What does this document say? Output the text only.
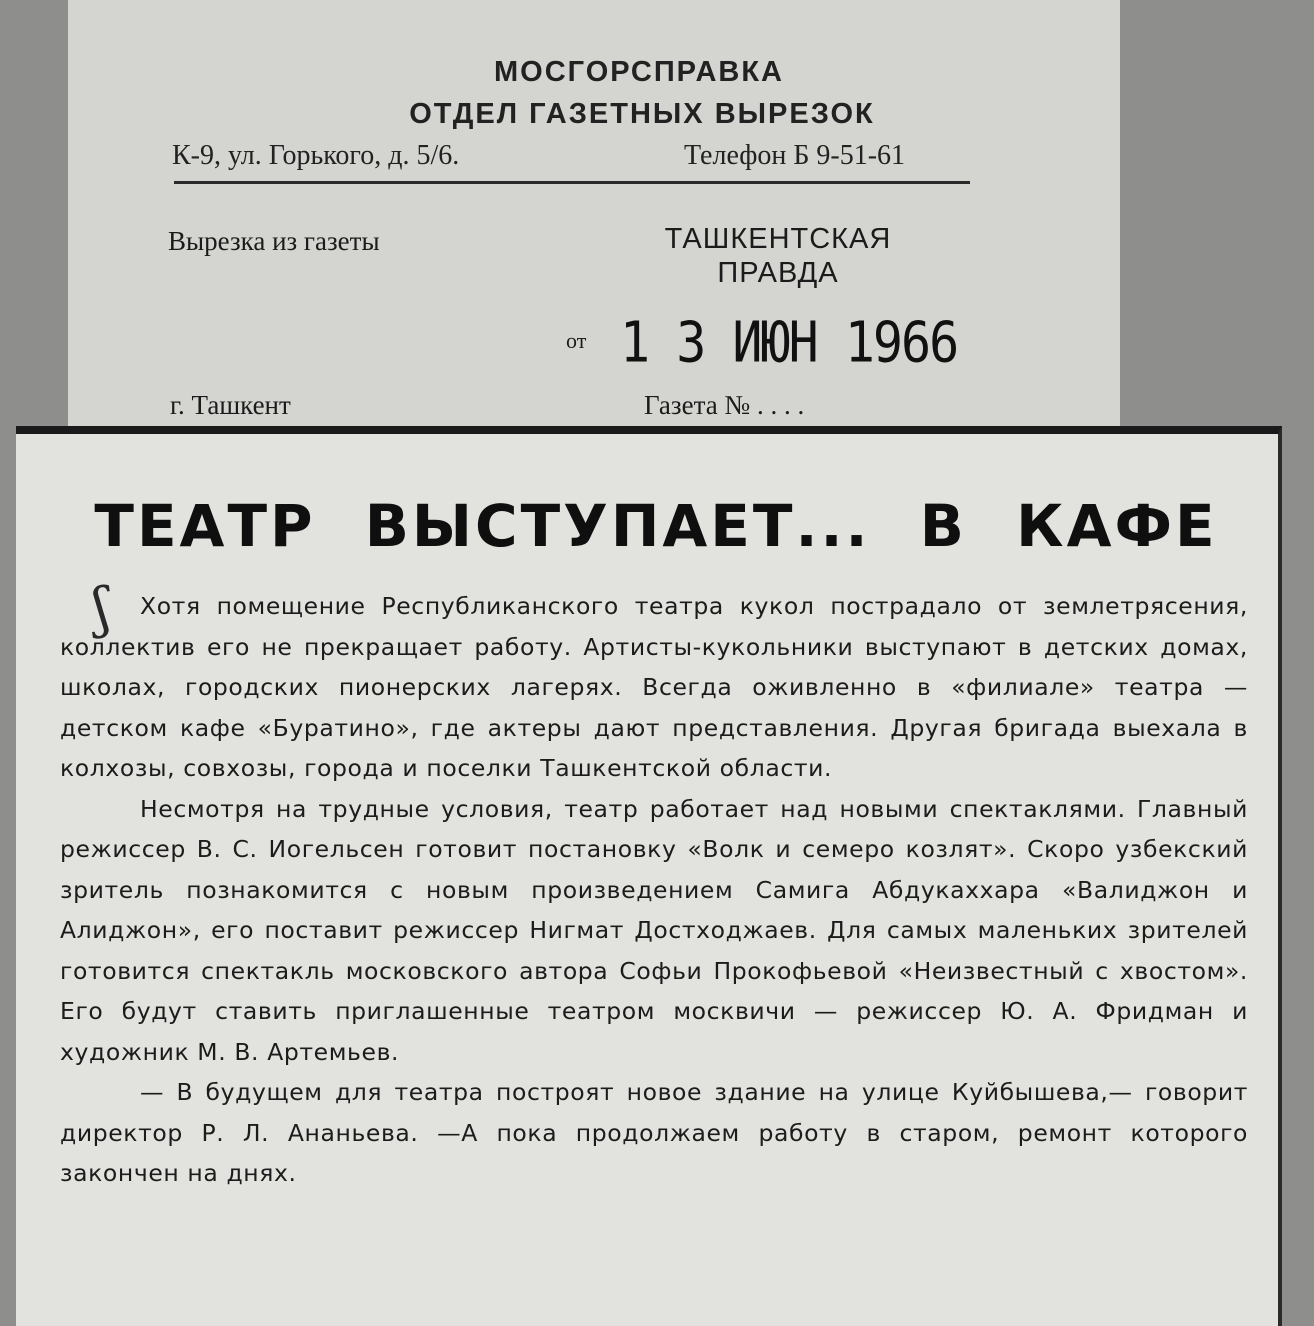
МОСГОРСПРАВКА
ОТДЕЛ ГАЗЕТНЫХ ВЫРЕЗОК
К-9, ул. Горького, д. 5/6.	Телефон Б 9-51-61
Вырезка из газеты	ТАШКЕНТСКАЯ ПРАВДА
от 1 3 ИЮН 1966
г. Ташкент	Газета № . . . .
ТЕАТР ВЫСТУПАЕТ... В КАФЕ
ʃ	Хотя помещение Республиканского театра кукол пострадало от землетрясения, коллектив его не прекращает работу. Артисты-кукольники выступают в детских домах, школах, городских пионерских лагерях. Всегда оживленно в «филиале» театра — детском кафе «Буратино», где актеры дают представления. Другая бригада выехала в колхозы, совхозы, города и поселки Ташкентской области.

Несмотря на трудные условия, театр работает над новыми спектаклями. Главный режиссер В. С. Иогельсен готовит постановку «Волк и семеро козлят». Скоро узбекский зритель познакомится с новым произведением Самига Абдукаххара «Валиджон и Алиджон», его поставит режиссер Нигмат Достходжаев. Для самых маленьких зрителей готовится спектакль московского автора Софьи Прокофьевой «Неизвестный с хвостом». Его будут ставить приглашенные театром москвичи — режиссер Ю. А. Фридман и художник М. В. Артемьев.

— В будущем для театра построят новое здание на улице Куйбышева,— говорит директор Р. Л. Ананьева. —А пока продолжаем работу в старом, ремонт которого закончен на днях.
